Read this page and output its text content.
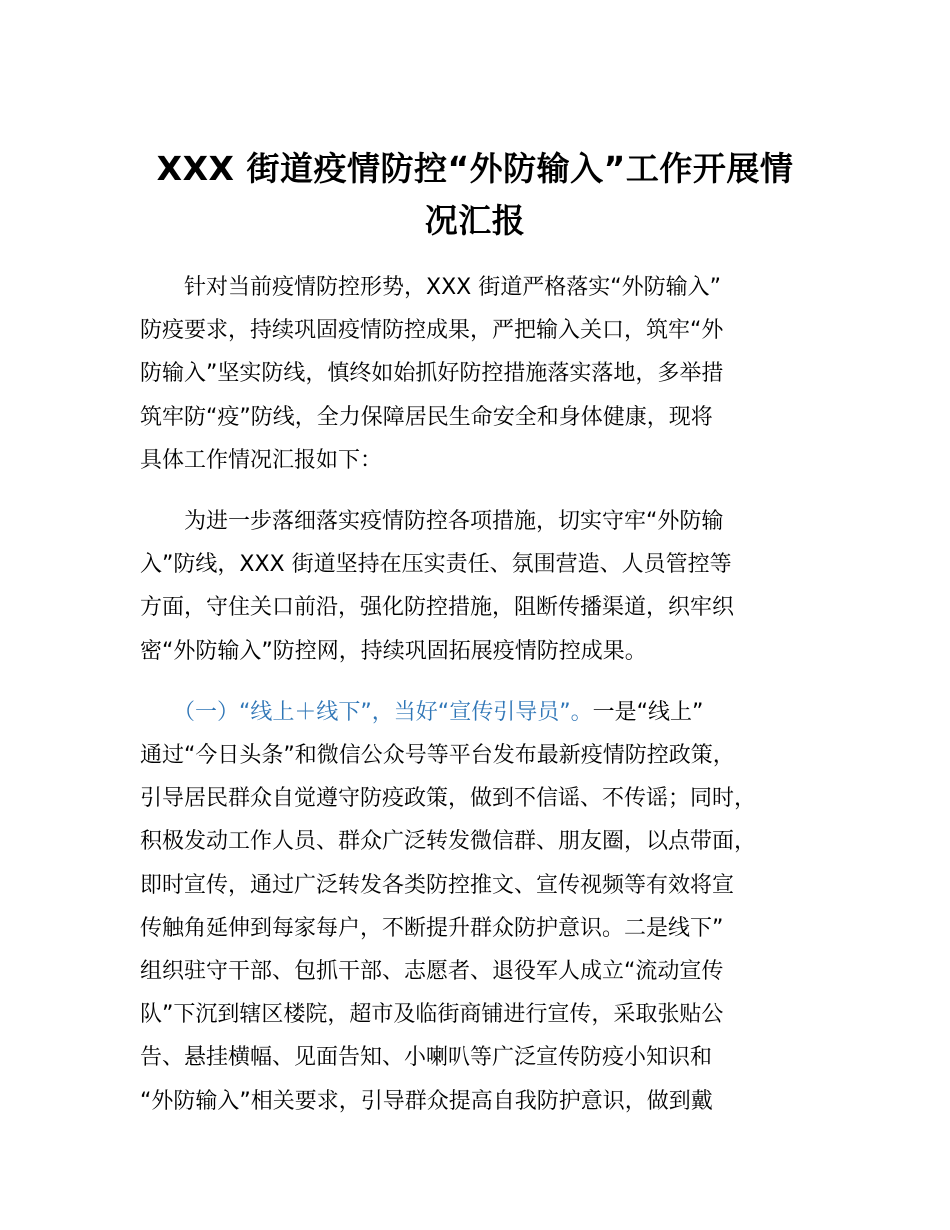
XXX 街道疫情防控“外防输入”工作开展情
况汇报
　　针对当前疫情防控形势，XXX 街道严格落实“外防输入”
防疫要求，持续巩固疫情防控成果，严把输入关口，筑牢“外
防输入”坚实防线，慎终如始抓好防控措施落实落地，多举措
筑牢防“疫”防线，全力保障居民生命安全和身体健康，现将
具体工作情况汇报如下：
　　为进一步落细落实疫情防控各项措施，切实守牢“外防输
入”防线，XXX 街道坚持在压实责任、氛围营造、人员管控等
方面，守住关口前沿，强化防控措施，阻断传播渠道，织牢织
密“外防输入”防控网，持续巩固拓展疫情防控成果。
　　（一）“线上＋线下”，当好“宣传引导员”。一是“线上”
通过“今日头条”和微信公众号等平台发布最新疫情防控政策，
引导居民群众自觉遵守防疫政策，做到不信谣、不传谣；同时，
积极发动工作人员、群众广泛转发微信群、朋友圈，以点带面，
即时宣传，通过广泛转发各类防控推文、宣传视频等有效将宣
传触角延伸到每家每户，不断提升群众防护意识。二是线下”
组织驻守干部、包抓干部、志愿者、退役军人成立“流动宣传
队”下沉到辖区楼院，超市及临街商铺进行宣传，采取张贴公
告、悬挂横幅、见面告知、小喇叭等广泛宣传防疫小知识和
“外防输入”相关要求，引导群众提高自我防护意识，做到戴
